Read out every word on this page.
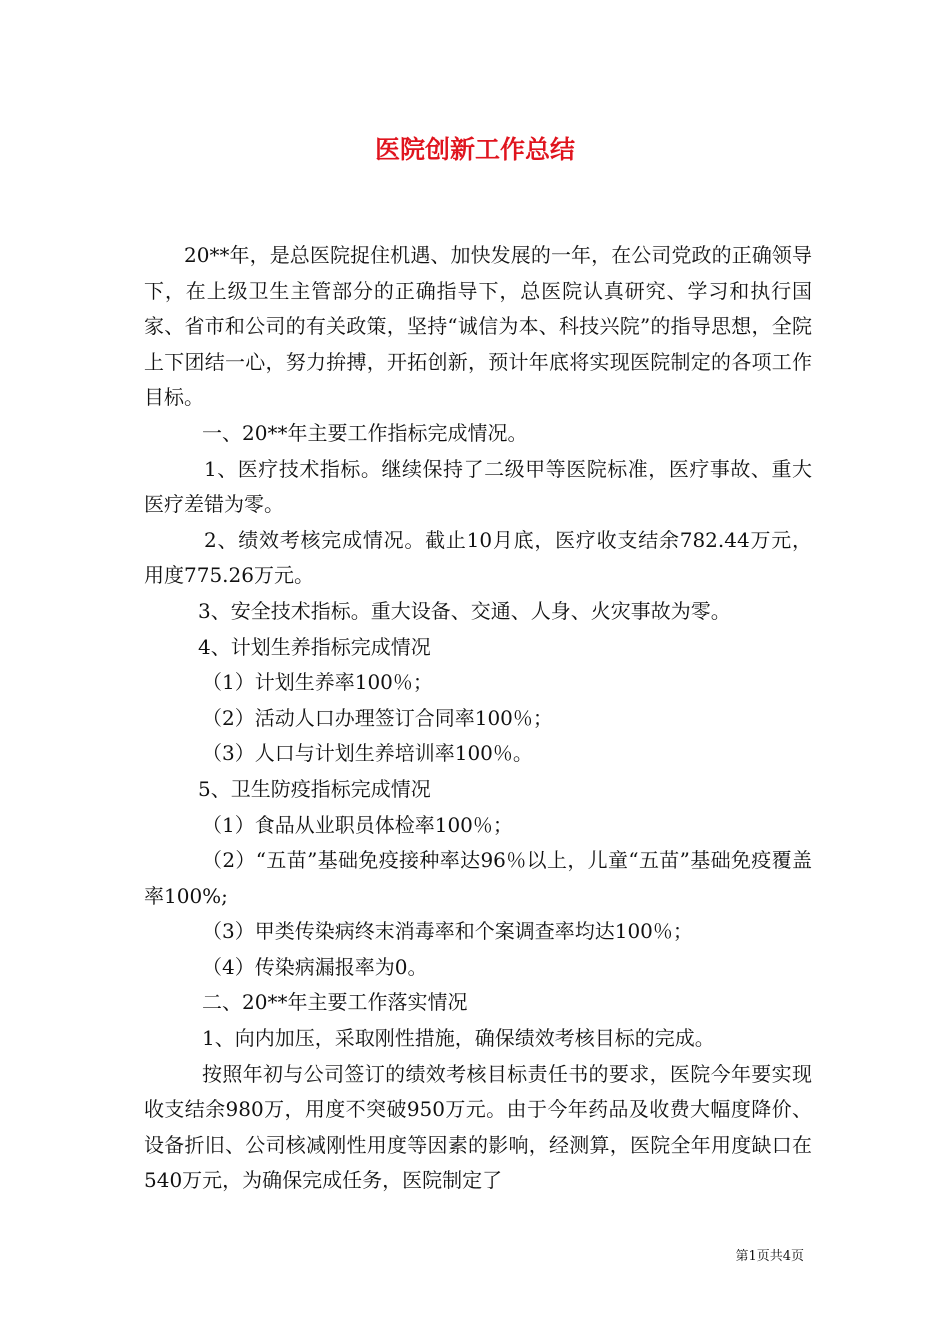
医院创新工作总结

20**年，是总医院捉住机遇、加快发展的一年，在公司党政的正确领导下，在上级卫生主管部分的正确指导下，总医院认真研究、学习和执行国家、省市和公司的有关政策，坚持“诚信为本、科技兴院”的指导思想，全院上下团结一心，努力拚搏，开拓创新，预计年底将实现医院制定的各项工作目标。

一、20**年主要工作指标完成情况。

1、医疗技术指标。继续保持了二级甲等医院标准，医疗事故、重大医疗差错为零。

2、绩效考核完成情况。截止10月底，医疗收支结余782.44万元，用度775.26万元。

3、安全技术指标。重大设备、交通、人身、火灾事故为零。

4、计划生养指标完成情况

（1）计划生养率100％；

（2）活动人口办理签订合同率100％；

（3）人口与计划生养培训率100％。

5、卫生防疫指标完成情况

（1）食品从业职员体检率100％；

（2）“五苗”基础免疫接种率达96％以上，儿童“五苗”基础免疫覆盖率100%;

（3）甲类传染病终末消毒率和个案调查率均达100％；

（4）传染病漏报率为0。

二、20**年主要工作落实情况

1、向内加压，采取刚性措施，确保绩效考核目标的完成。

按照年初与公司签订的绩效考核目标责任书的要求，医院今年要实现收支结余980万，用度不突破950万元。由于今年药品及收费大幅度降价、设备折旧、公司核减刚性用度等因素的影响，经测算，医院全年用度缺口在540万元，为确保完成任务，医院制定了

第1页共4页
